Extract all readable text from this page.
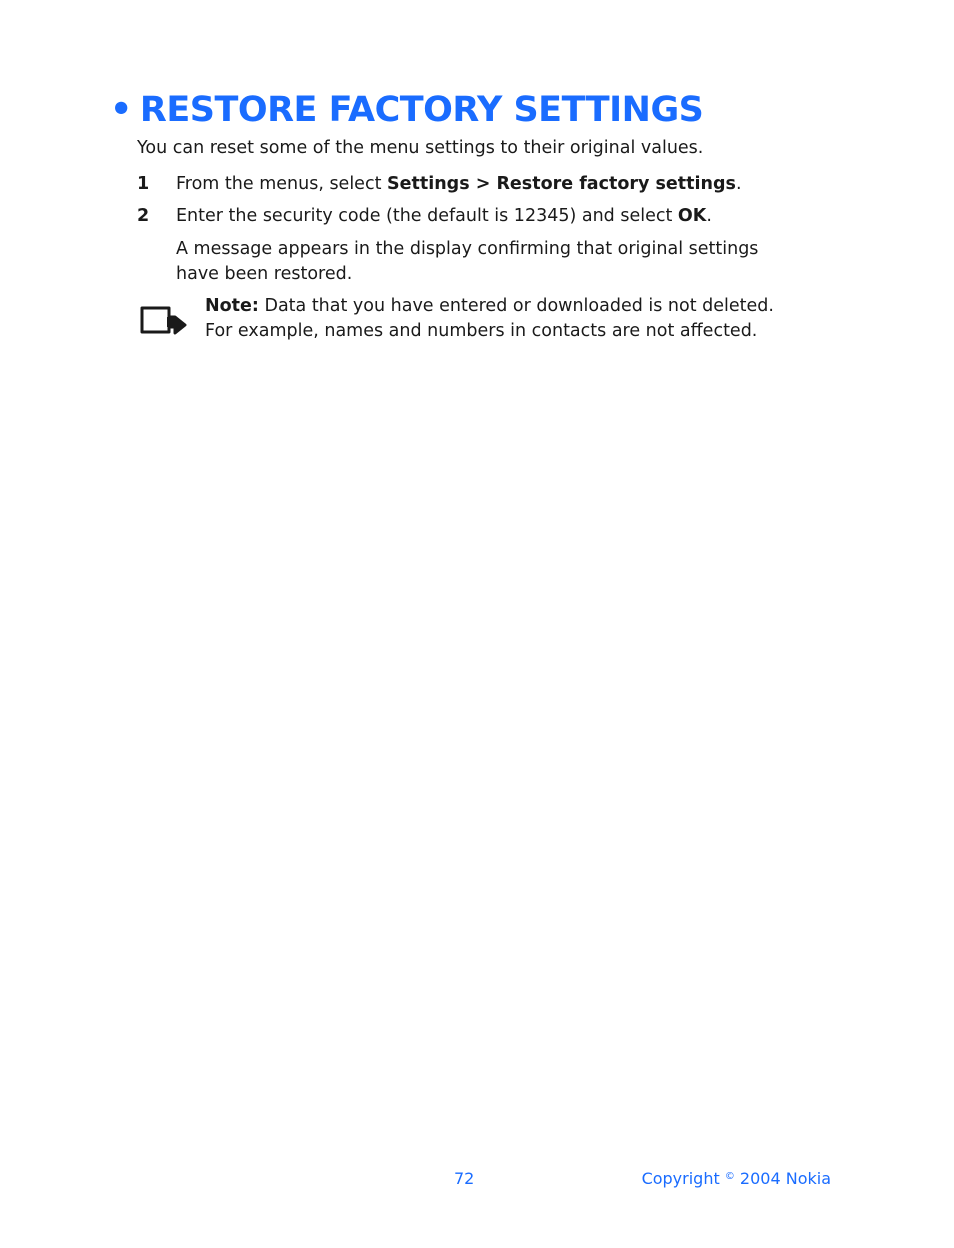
• RESTORE FACTORY SETTINGS

You can reset some of the menu settings to their original values.

1 From the menus, select Settings > Restore factory settings.

2 Enter the security code (the default is 12345) and select OK.

A message appears in the display confirming that original settings have been restored.

Note: Data that you have entered or downloaded is not deleted. For example, names and numbers in contacts are not affected.

72	Copyright © 2004 Nokia
